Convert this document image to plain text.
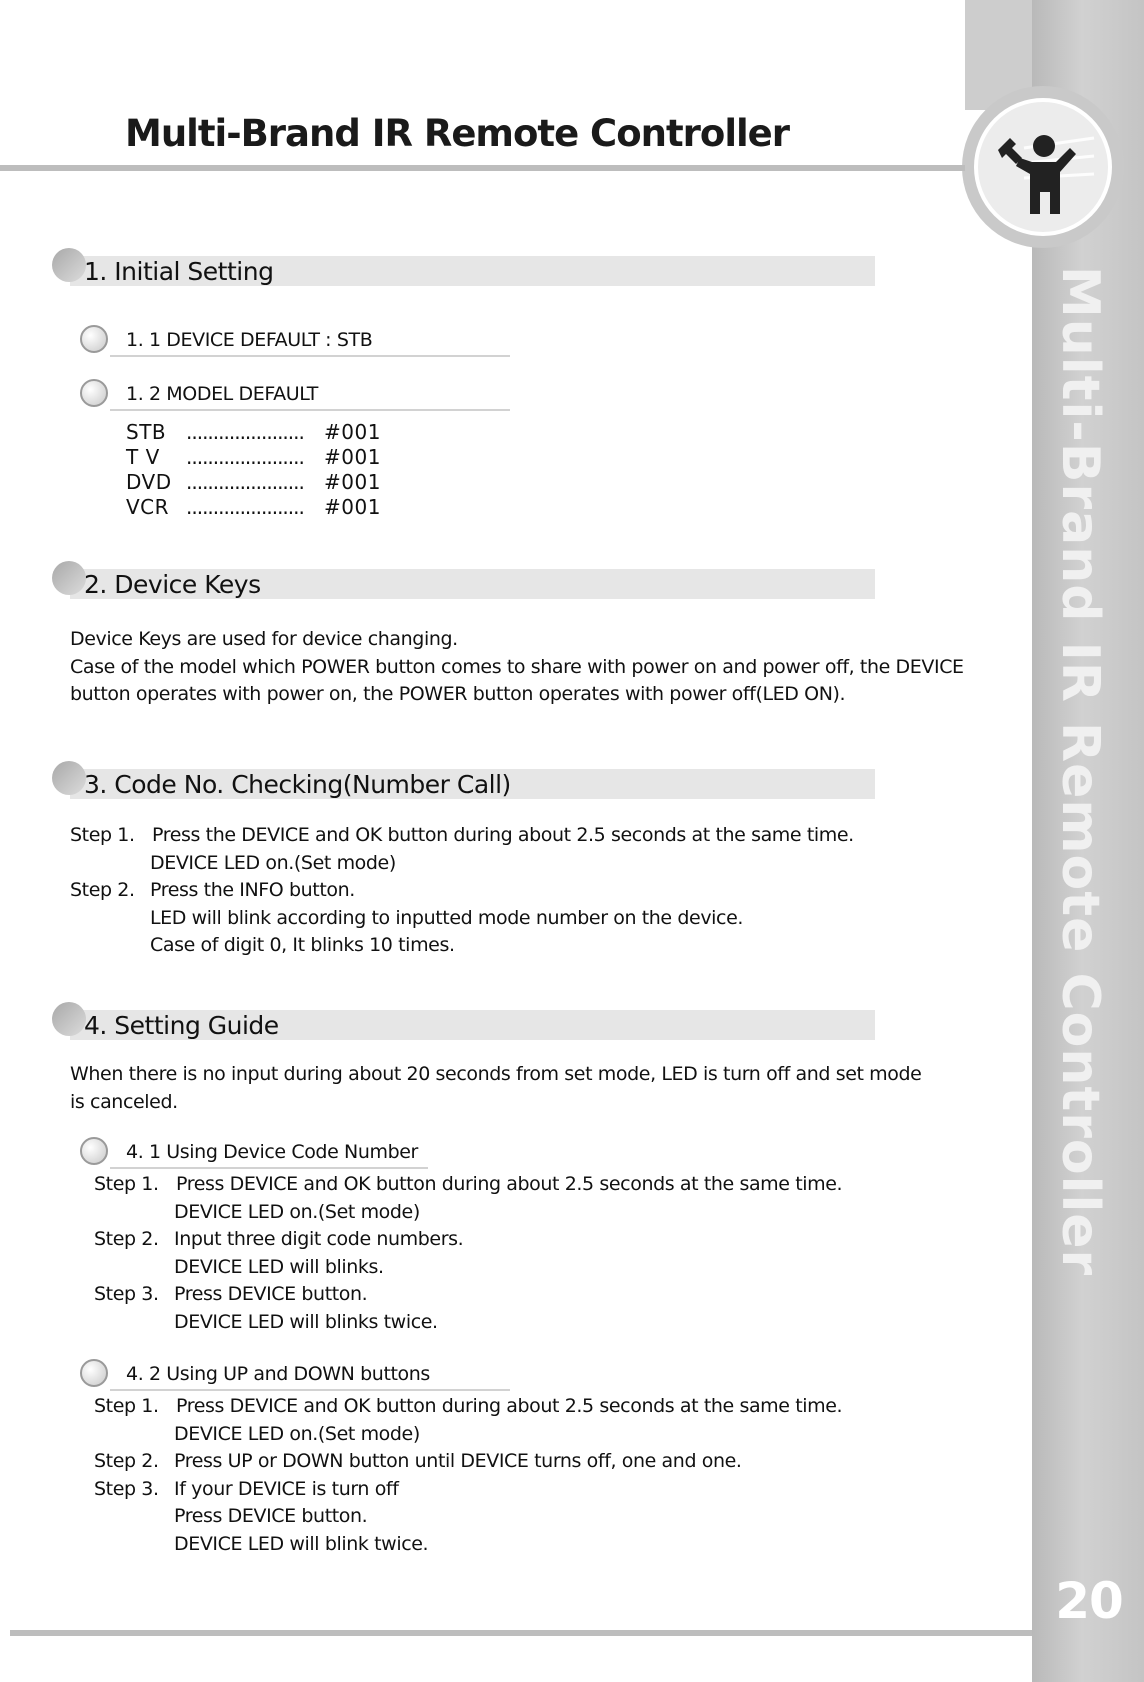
Multi-Brand IR Remote Controller
20
Multi-Brand IR Remote Controller
1. Initial Setting
1. 1 DEVICE DEFAULT : STB
1. 2 MODEL DEFAULT
STB ...................... #001
T V ...................... #001
DVD ...................... #001
VCR ...................... #001
2. Device Keys

Device Keys are used for device changing.

Case of the model which POWER button comes to share with power on and power off, the DEVICE

button operates with power on, the POWER button operates with power off(LED ON).

3. Code No. Checking(Number Call)
Step 1. Press the DEVICE and OK button during about 2.5 seconds at the same time.
DEVICE LED on.(Set mode)
Step 2. Press the INFO button.
LED will blink according to inputted mode number on the device.
Case of digit 0, It blinks 10 times.
4. Setting Guide

When there is no input during about 20 seconds from set mode, LED is turn off and set mode

is canceled.

4. 1 Using Device Code Number
Step 1. Press DEVICE and OK button during about 2.5 seconds at the same time.
DEVICE LED on.(Set mode)
Step 2. Input three digit code numbers.
DEVICE LED will blinks.
Step 3. Press DEVICE button.
DEVICE LED will blinks twice.
4. 2 Using UP and DOWN buttons
Step 1. Press DEVICE and OK button during about 2.5 seconds at the same time.
DEVICE LED on.(Set mode)
Step 2. Press UP or DOWN button until DEVICE turns off, one and one.
Step 3. If your DEVICE is turn off
Press DEVICE button.
DEVICE LED will blink twice.
